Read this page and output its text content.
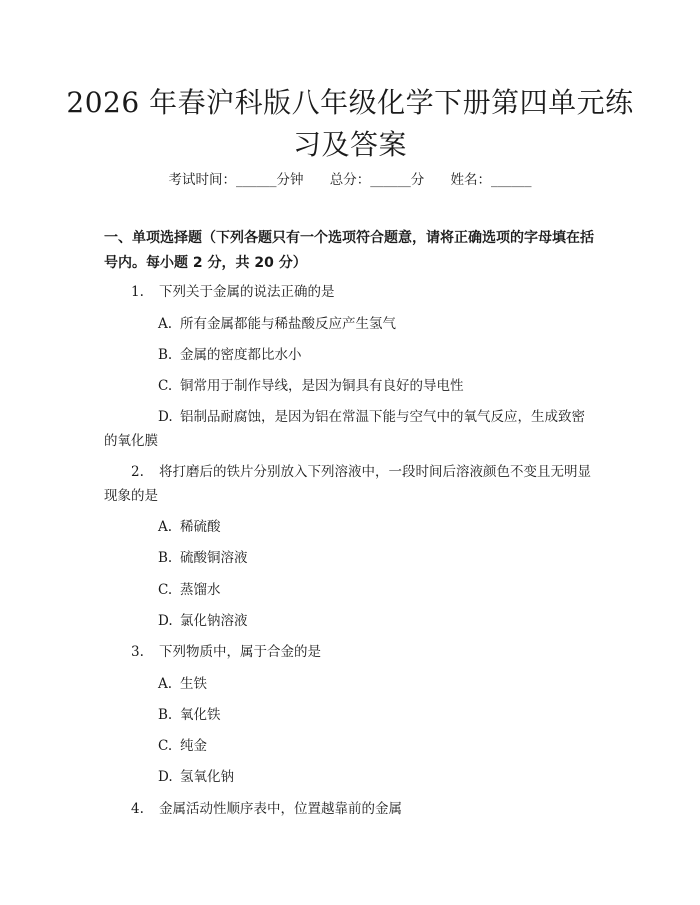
2026 年春沪科版八年级化学下册第四单元练
习及答案
考试时间：______分钟 总分：______分 姓名：______
一、单项选择题（下列各题只有一个选项符合题意，请将正确选项的字母填在括
号内。每小题 2 分，共 20 分）
1. 下列关于金属的说法正确的是
A. 所有金属都能与稀盐酸反应产生氢气
B. 金属的密度都比水小
C. 铜常用于制作导线，是因为铜具有良好的导电性
D. 铝制品耐腐蚀，是因为铝在常温下能与空气中的氧气反应，生成致密
的氧化膜
2. 将打磨后的铁片分别放入下列溶液中，一段时间后溶液颜色不变且无明显
现象的是
A. 稀硫酸
B. 硫酸铜溶液
C. 蒸馏水
D. 氯化钠溶液
3. 下列物质中，属于合金的是
A. 生铁
B. 氧化铁
C. 纯金
D. 氢氧化钠
4. 金属活动性顺序表中，位置越靠前的金属
